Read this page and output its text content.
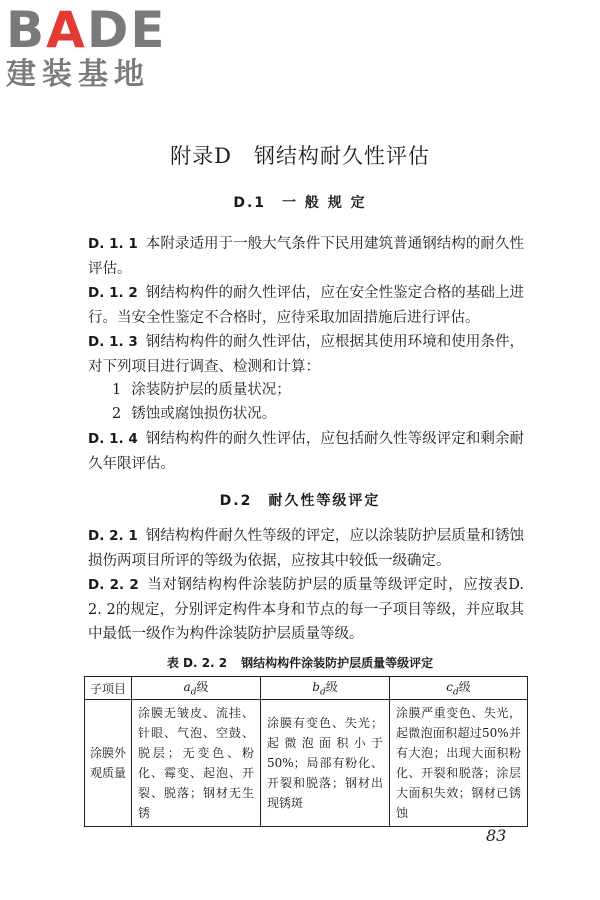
BADE
建装基地
附录D　钢结构耐久性评估
D.1　一 般 规 定
D. 1. 1 本附录适用于一般大气条件下民用建筑普通钢结构的耐久性评估。
D. 1. 2 钢结构构件的耐久性评估，应在安全性鉴定合格的基础上进行。当安全性鉴定不合格时，应待采取加固措施后进行评估。
D. 1. 3 钢结构构件的耐久性评估，应根据其使用环境和使用条件，对下列项目进行调查、检测和计算：
1 涂装防护层的质量状况；
2 锈蚀或腐蚀损伤状况。
D. 1. 4 钢结构构件的耐久性评估，应包括耐久性等级评定和剩余耐久年限评估。
D.2　耐久性等级评定
D. 2. 1 钢结构构件耐久性等级的评定，应以涂装防护层质量和锈蚀损伤两项目所评的等级为依据，应按其中较低一级确定。
D. 2. 2 当对钢结构构件涂装防护层的质量等级评定时，应按表D. 2. 2的规定，分别评定构件本身和节点的每一子项目等级，并应取其中最低一级作为构件涂装防护层质量等级。
表 D. 2. 2 钢结构构件涂装防护层质量等级评定
子项目	$a_d$级	$b_d$级	$c_d$级
涂膜外观质量	涂膜无皱皮、流挂、针眼、气泡、空鼓、脱层；无变色、粉化、霉变、起泡、开裂、脱落；钢材无生锈	涂膜有变色、失光；起微泡面积小于50%；局部有粉化、开裂和脱落；钢材出现锈斑	涂膜严重变色、失光，起微泡面积超过50%并有大泡；出现大面积粉化、开裂和脱落；涂层大面积失效；钢材已锈蚀
83
